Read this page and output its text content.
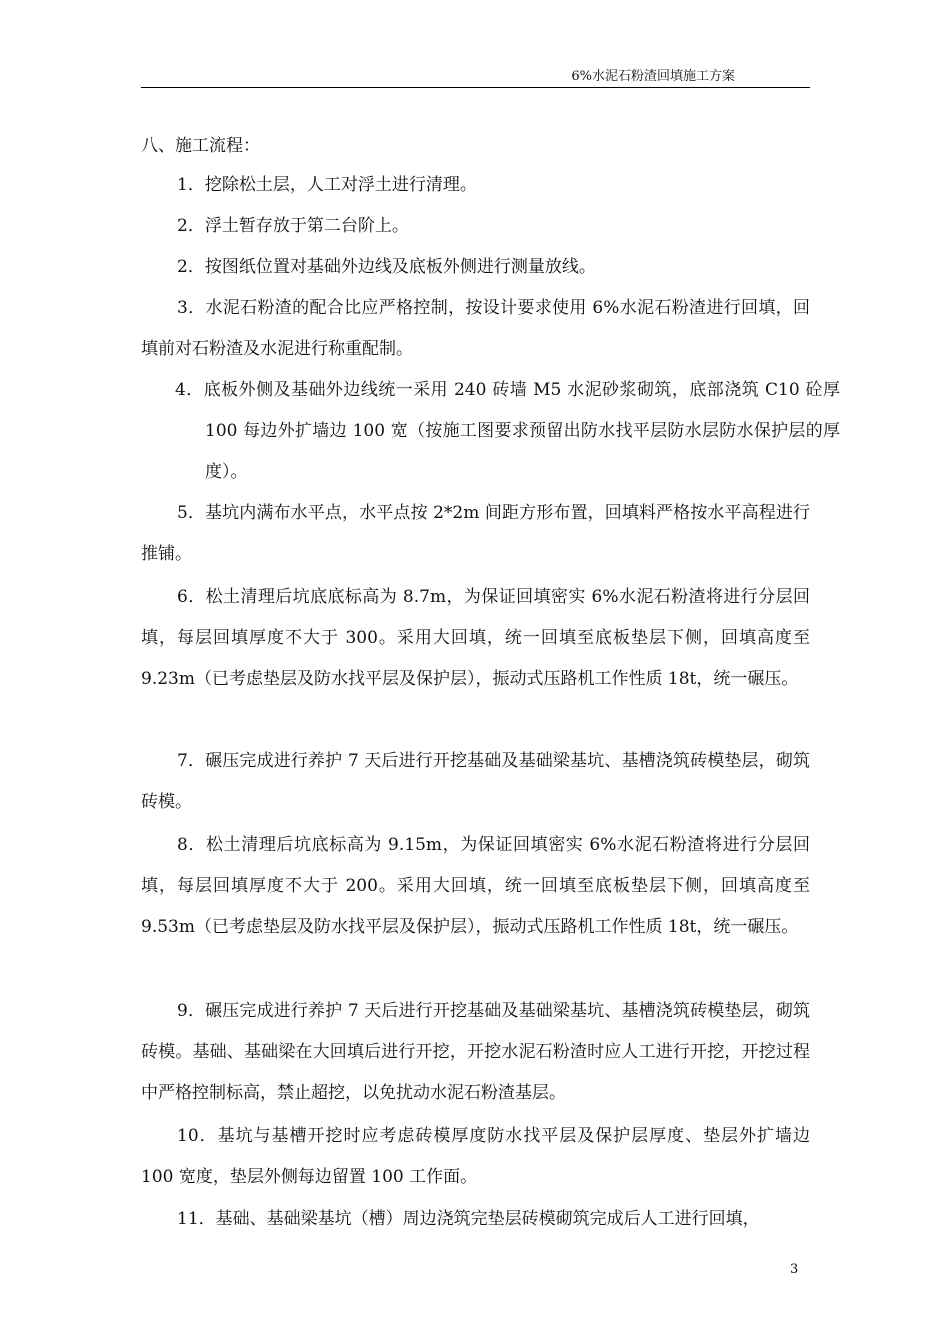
6%水泥石粉渣回填施工方案
八、施工流程：

1．挖除松土层，人工对浮土进行清理。

2．浮土暂存放于第二台阶上。

2．按图纸位置对基础外边线及底板外侧进行测量放线。

3．水泥石粉渣的配合比应严格控制，按设计要求使用 6%水泥石粉渣进行回填，回填前对石粉渣及水泥进行称重配制。

4．底板外侧及基础外边线统一采用 240 砖墙 M5 水泥砂浆砌筑，底部浇筑 C10 砼厚 100 每边外扩墙边 100 宽（按施工图要求预留出防水找平层防水层防水保护层的厚度）。

5．基坑内满布水平点，水平点按 2*2m 间距方形布置，回填料严格按水平高程进行推铺。

6．松土清理后坑底底标高为 8.7m，为保证回填密实 6%水泥石粉渣将进行分层回填，每层回填厚度不大于 300。采用大回填，统一回填至底板垫层下侧，回填高度至 9.23m（已考虑垫层及防水找平层及保护层），振动式压路机工作性质 18t，统一碾压。

7．碾压完成进行养护 7 天后进行开挖基础及基础梁基坑、基槽浇筑砖模垫层，砌筑砖模。

8．松土清理后坑底标高为 9.15m，为保证回填密实 6%水泥石粉渣将进行分层回填，每层回填厚度不大于 200。采用大回填，统一回填至底板垫层下侧，回填高度至 9.53m（已考虑垫层及防水找平层及保护层），振动式压路机工作性质 18t，统一碾压。

9．碾压完成进行养护 7 天后进行开挖基础及基础梁基坑、基槽浇筑砖模垫层，砌筑砖模。基础、基础梁在大回填后进行开挖，开挖水泥石粉渣时应人工进行开挖，开挖过程中严格控制标高，禁止超挖，以免扰动水泥石粉渣基层。

10．基坑与基槽开挖时应考虑砖模厚度防水找平层及保护层厚度、垫层外扩墙边 100 宽度，垫层外侧每边留置 100 工作面。

11．基础、基础梁基坑（槽）周边浇筑完垫层砖模砌筑完成后人工进行回填，

3
